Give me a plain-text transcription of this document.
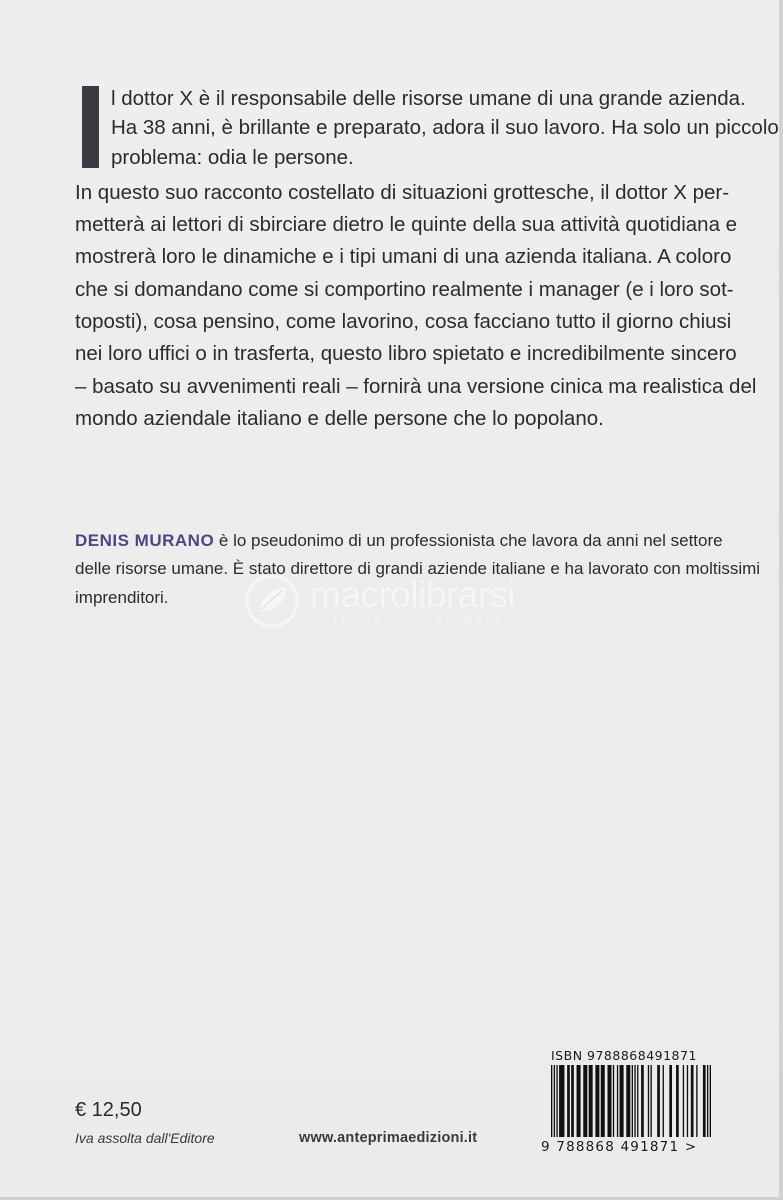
l dottor X è il responsabile delle risorse umane di una grande azienda.
Ha 38 anni, è brillante e preparato, adora il suo lavoro. Ha solo un piccolo
problema: odia le persone.
In questo suo racconto costellato di situazioni grottesche, il dottor X per-
metterà ai lettori di sbirciare dietro le quinte della sua attività quotidiana e
mostrerà loro le dinamiche e i tipi umani di una azienda italiana. A coloro
che si domandano come si comportino realmente i manager (e i loro sot-
toposti), cosa pensino, come lavorino, cosa facciano tutto il giorno chiusi
nei loro uffici o in trasferta, questo libro spietato e incredibilmente sincero
– basato su avvenimenti reali – fornirà una versione cinica ma realistica del
mondo aziendale italiano e delle persone che lo popolano.
DENIS MURANO è lo pseudonimo di un professionista che lavora da anni nel settore
delle risorse umane. È stato direttore di grandi aziende italiane e ha lavorato con moltissimi
imprenditori.	macrolibrarsi
ALTERNATIVA NATURALE
ISBN 9788868491871
9 788868 491871 >
€ 12,50
Iva assolta dall'Editore	www.anteprimaedizioni.it
